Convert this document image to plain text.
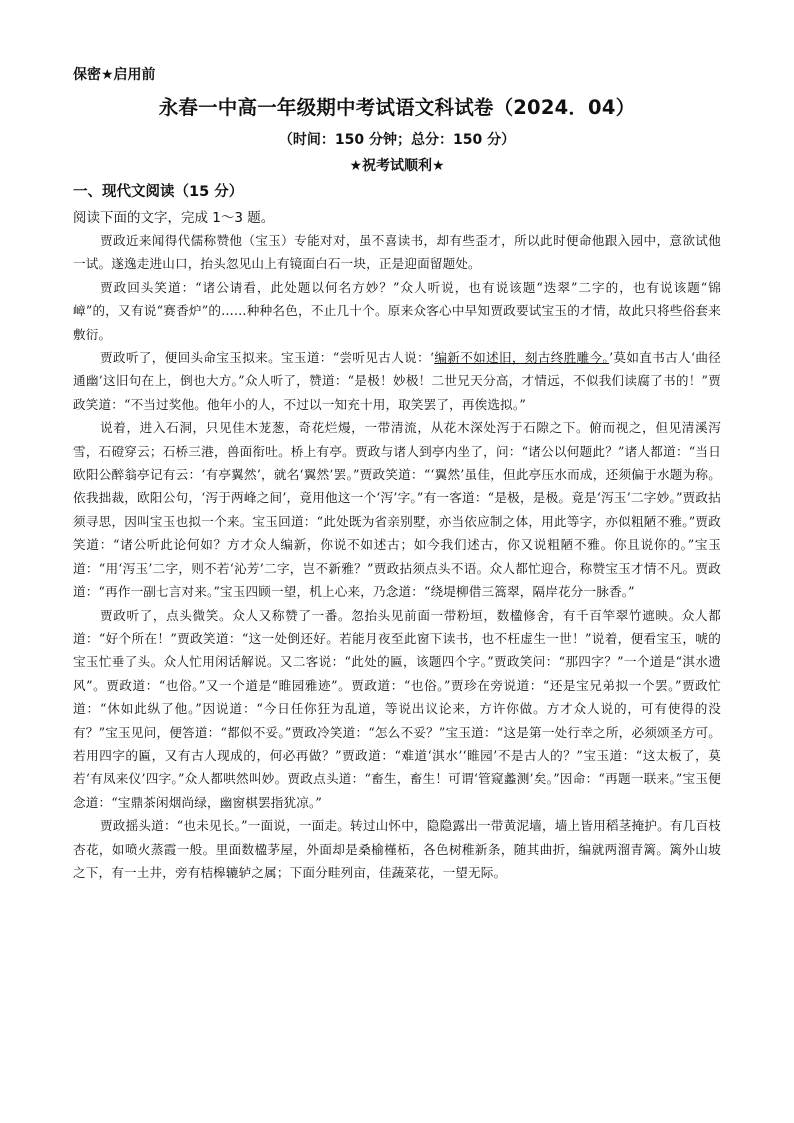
保密★启用前
永春一中高一年级期中考试语文科试卷（2024．04）
（时间：150 分钟；总分：150 分）
★祝考试顺利★
一、现代文阅读（15 分）
阅读下面的文字，完成 1～3 题。

贾政近来闻得代儒称赞他（宝玉）专能对对，虽不喜读书，却有些歪才，所以此时便命他跟入园中，意欲试他一试。遂逸走进山口，抬头忽见山上有镜面白石一块，正是迎面留题处。

贾政回头笑道：“诸公请看，此处题以何名方妙？”众人听说，也有说该题“迭翠”二字的，也有说该题“锦嶂”的，又有说“赛香炉”的……种种名色，不止几十个。原来众客心中早知贾政要试宝玉的才情，故此只将些俗套来敷衍。

贾政听了，便回头命宝玉拟来。宝玉道：“尝听见古人说：‘编新不如述旧，刻古终胜雕今。’莫如直书古人‘曲径通幽’这旧句在上，倒也大方。”众人听了，赞道：“是极！妙极！二世兄天分高，才情远，不似我们读腐了书的！”贾政笑道：“不当过奖他。他年小的人，不过以一知充十用，取笑罢了，再俟选拟。”

说着，进入石洞，只见佳木茏葱，奇花烂熳，一带清流，从花木深处泻于石隙之下。俯而视之，但见清溪泻雪，石磴穿云；石桥三港，兽面衔吐。桥上有亭。贾政与诸人到亭内坐了，问：“诸公以何题此？”诸人都道：“当日欧阳公醉翁亭记有云：‘有亭翼然’，就名‘翼然’罢。”贾政笑道：“‘翼然’虽佳，但此亭压水而成，还须偏于水题为称。依我拙裁，欧阳公句，‘泻于两峰之间’，竟用他这一个‘泻’字。”有一客道：“是极，是极。竟是‘泻玉’二字妙。”贾政拈须寻思，因叫宝玉也拟一个来。宝玉回道：“此处既为省亲别墅，亦当依应制之体，用此等字，亦似粗陋不雅。”贾政笑道：“诸公听此论何如？方才众人编新，你说不如述古；如今我们述古，你又说粗陋不雅。你且说你的。”宝玉道：“用‘泻玉’二字，则不若‘沁芳’二字，岂不新雅？”贾政拈须点头不语。众人都忙迎合，称赞宝玉才情不凡。贾政道：“再作一副七言对来。”宝玉四顾一望，机上心来，乃念道：“绕堤柳借三篙翠，隔岸花分一脉香。”

贾政听了，点头微笑。众人又称赞了一番。忽抬头见前面一带粉垣，数楹修舍，有千百竿翠竹遮映。众人都道：“好个所在！”贾政笑道：“这一处倒还好。若能月夜至此窗下读书，也不枉虚生一世！”说着，便看宝玉，唬的宝玉忙垂了头。众人忙用闲话解说。又二客说：“此处的匾，该题四个字。”贾政笑问：“那四字？”一个道是“淇水遗风”。贾政道：“也俗。”又一个道是“睢园雅迹”。贾政道：“也俗。”贾珍在旁说道：“还是宝兄弟拟一个罢。”贾政忙道：“休如此纵了他。”因说道：“今日任你狂为乱道，等说出议论来，方许你做。方才众人说的，可有使得的没有？”宝玉见问，便答道：“都似不妥。”贾政冷笑道：“怎么不妥？”宝玉道：“这是第一处行幸之所，必须颂圣方可。若用四字的匾，又有古人现成的，何必再做？”贾政道：“难道‘淇水’‘睢园’不是古人的？”宝玉道：“这太板了，莫若‘有凤来仪’四字。”众人都哄然叫妙。贾政点头道：“畜生，畜生！可谓‘管窥蠡测’矣。”因命：“再题一联来。”宝玉便念道：“宝鼎茶闲烟尚绿，幽窗棋罢指犹凉。”

贾政摇头道：“也未见长。”一面说，一面走。转过山怀中，隐隐露出一带黄泥墙，墙上皆用稻茎掩护。有几百枝杏花，如喷火蒸霞一般。里面数楹茅屋，外面却是桑榆槿柘，各色树稚新条，随其曲折，编就两溜青篱。篱外山坡之下，有一土井，旁有桔槔辘轳之属；下面分畦列亩，佳蔬菜花，一望无际。
